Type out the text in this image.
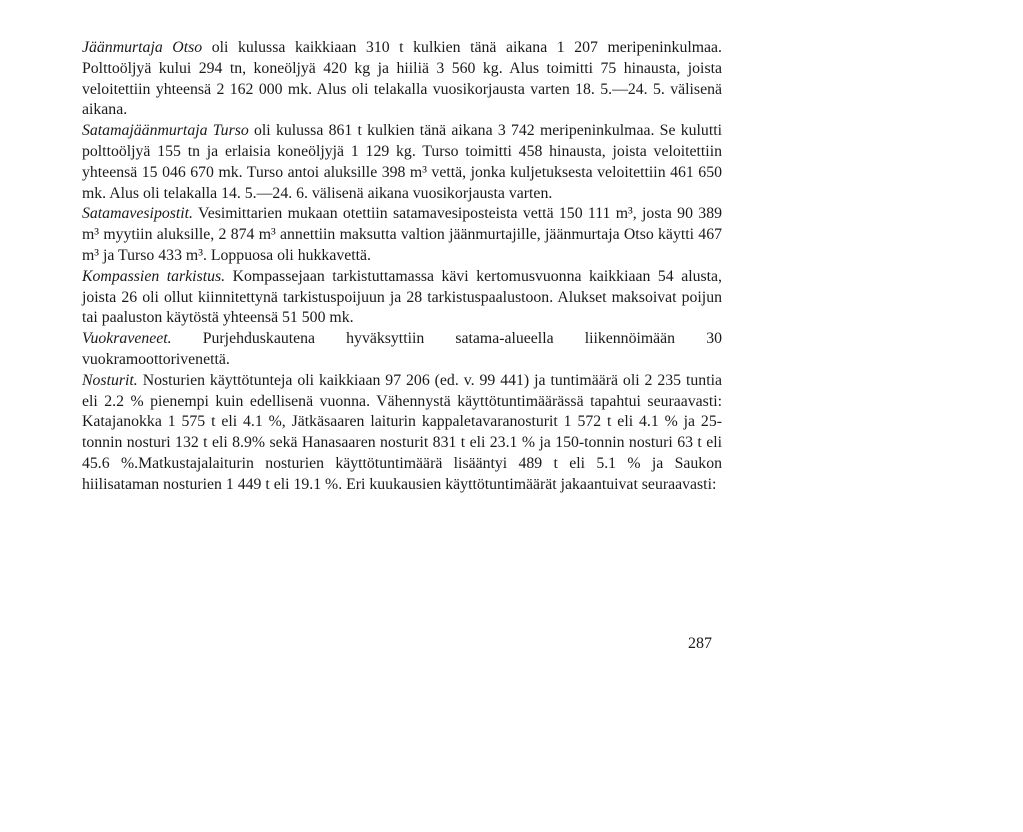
Jäänmurtaja Otso oli kulussa kaikkiaan 310 t kulkien tänä aikana 1 207 meripeninkulmaa. Polttoöljyä kului 294 tn, koneöljyä 420 kg ja hiiliä 3 560 kg. Alus toimitti 75 hinausta, joista veloitettiin yhteensä 2 162 000 mk. Alus oli telakalla vuosikorjausta varten 18. 5.—24. 5. välisenä aikana.

Satamajäänmurtaja Turso oli kulussa 861 t kulkien tänä aikana 3 742 meripeninkulmaa. Se kulutti polttoöljyä 155 tn ja erlaisia koneöljyjä 1 129 kg. Turso toimitti 458 hinausta, joista veloitettiin yhteensä 15 046 670 mk. Turso antoi aluksille 398 m³ vettä, jonka kuljetuksesta veloitettiin 461 650 mk. Alus oli telakalla 14. 5.—24. 6. välisenä aikana vuosikorjausta varten.

Satamavesipostit. Vesimittarien mukaan otettiin satamavesiposteista vettä 150 111 m³, josta 90 389 m³ myytiin aluksille, 2 874 m³ annettiin maksutta valtion jäänmurtajille, jäänmurtaja Otso käytti 467 m³ ja Turso 433 m³. Loppuosa oli hukkavettä.

Kompassien tarkistus. Kompassejaan tarkistuttamassa kävi kertomusvuonna kaikkiaan 54 alusta, joista 26 oli ollut kiinnitettynä tarkistuspoijuun ja 28 tarkistuspaalustoon. Alukset maksoivat poijun tai paaluston käytöstä yhteensä 51 500 mk.

Vuokraveneet. Purjehduskautena hyväksyttiin satama-alueella liikennöimään 30 vuokramoottorivenettä.

Nosturit. Nosturien käyttötunteja oli kaikkiaan 97 206 (ed. v. 99 441) ja tuntimäärä oli 2 235 tuntia eli 2.2 % pienempi kuin edellisenä vuonna. Vähennystä käyttötuntimäärässä tapahtui seuraavasti: Katajanokka 1 575 t eli 4.1 %, Jätkäsaaren laiturin kappaletavaranosturit 1 572 t eli 4.1 % ja 25-tonnin nosturi 132 t eli 8.9% sekä Hanasaaren nosturit 831 t eli 23.1 % ja 150-tonnin nosturi 63 t eli 45.6 %.Matkustajalaiturin nosturien käyttötuntimäärä lisääntyi 489 t eli 5.1 % ja Saukon hiilisataman nosturien 1 449 t eli 19.1 %. Eri kuukausien käyttötuntimäärät jakaantuivat seuraavasti:

287
